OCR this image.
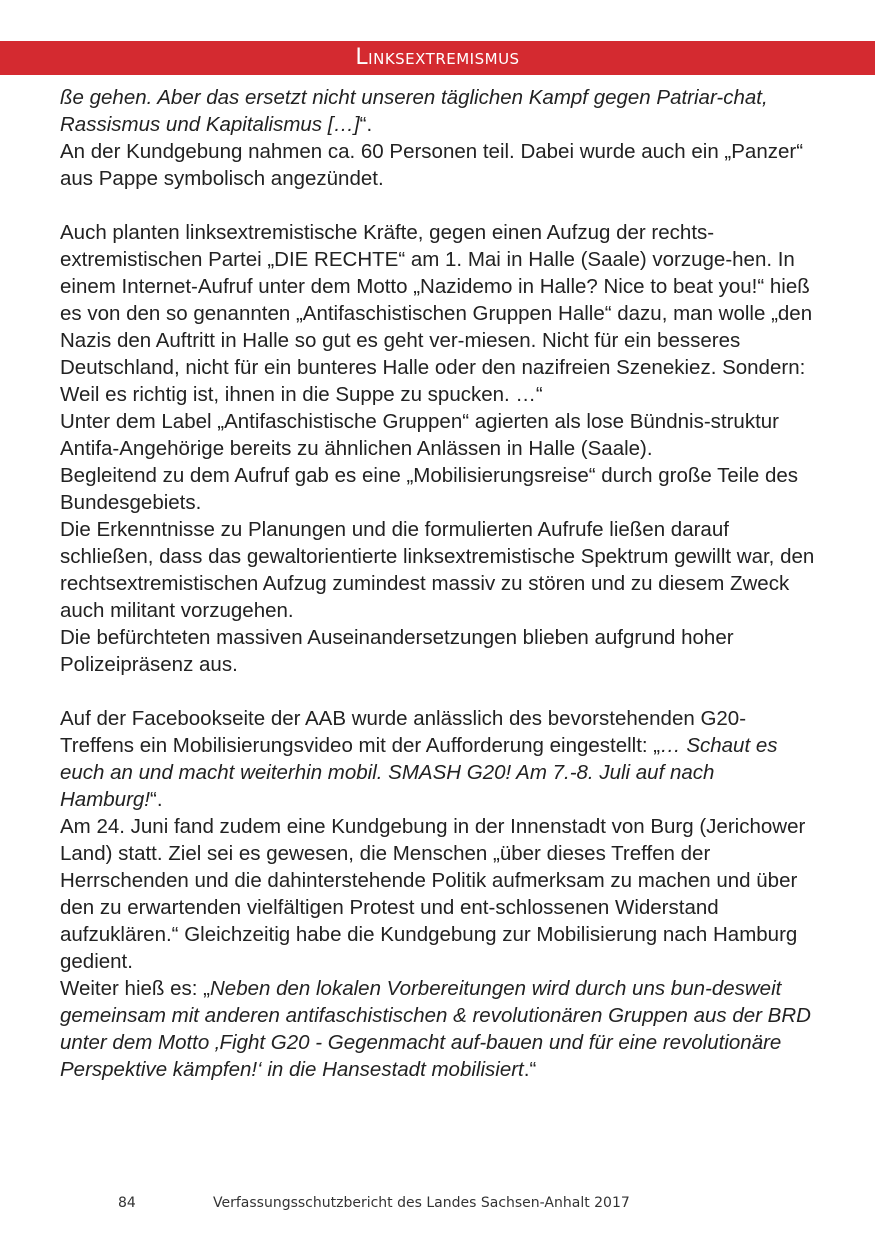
Linksextremismus

ße gehen. Aber das ersetzt nicht unseren täglichen Kampf gegen Patriar-chat, Rassismus und Kapitalismus […]“.

An der Kundgebung nahmen ca. 60 Personen teil. Dabei wurde auch ein „Panzer“ aus Pappe symbolisch angezündet.

Auch planten linksextremistische Kräfte, gegen einen Aufzug der rechts-extremistischen Partei „DIE RECHTE“ am 1. Mai in Halle (Saale) vorzuge-hen. In einem Internet-Aufruf unter dem Motto „Nazidemo in Halle? Nice to beat you!“ hieß es von den so genannten „Antifaschistischen Gruppen Halle“ dazu, man wolle „den Nazis den Auftritt in Halle so gut es geht ver-miesen. Nicht für ein besseres Deutschland, nicht für ein bunteres Halle oder den nazifreien Szenekiez. Sondern: Weil es richtig ist, ihnen in die Suppe zu spucken. …“

Unter dem Label „Antifaschistische Gruppen“ agierten als lose Bündnis-struktur Antifa-Angehörige bereits zu ähnlichen Anlässen in Halle (Saale).

Begleitend zu dem Aufruf gab es eine „Mobilisierungsreise“ durch große Teile des Bundesgebiets.

Die Erkenntnisse zu Planungen und die formulierten Aufrufe ließen darauf schließen, dass das gewaltorientierte linksextremistische Spektrum gewillt war, den rechtsextremistischen Aufzug zumindest massiv zu stören und zu diesem Zweck auch militant vorzugehen.

Die befürchteten massiven Auseinandersetzungen blieben aufgrund hoher Polizeipräsenz aus.

Auf der Facebookseite der AAB wurde anlässlich des bevorstehenden G20-Treffens ein Mobilisierungsvideo mit der Aufforderung eingestellt: „… Schaut es euch an und macht weiterhin mobil. SMASH G20! Am 7.-8. Juli auf nach Hamburg!“.

Am 24. Juni fand zudem eine Kundgebung in der Innenstadt von Burg (Jerichower Land) statt. Ziel sei es gewesen, die Menschen „über dieses Treffen der Herrschenden und die dahinterstehende Politik aufmerksam zu machen und über den zu erwartenden vielfältigen Protest und ent-schlossenen Widerstand aufzuklären.“ Gleichzeitig habe die Kundgebung zur Mobilisierung nach Hamburg gedient.

Weiter hieß es: „Neben den lokalen Vorbereitungen wird durch uns bun-desweit gemeinsam mit anderen antifaschistischen & revolutionären Gruppen aus der BRD unter dem Motto ‚Fight G20 - Gegenmacht auf-bauen und für eine revolutionäre Perspektive kämpfen!‘ in die Hansestadt mobilisiert.“

84	Verfassungsschutzbericht des Landes Sachsen-Anhalt 2017
